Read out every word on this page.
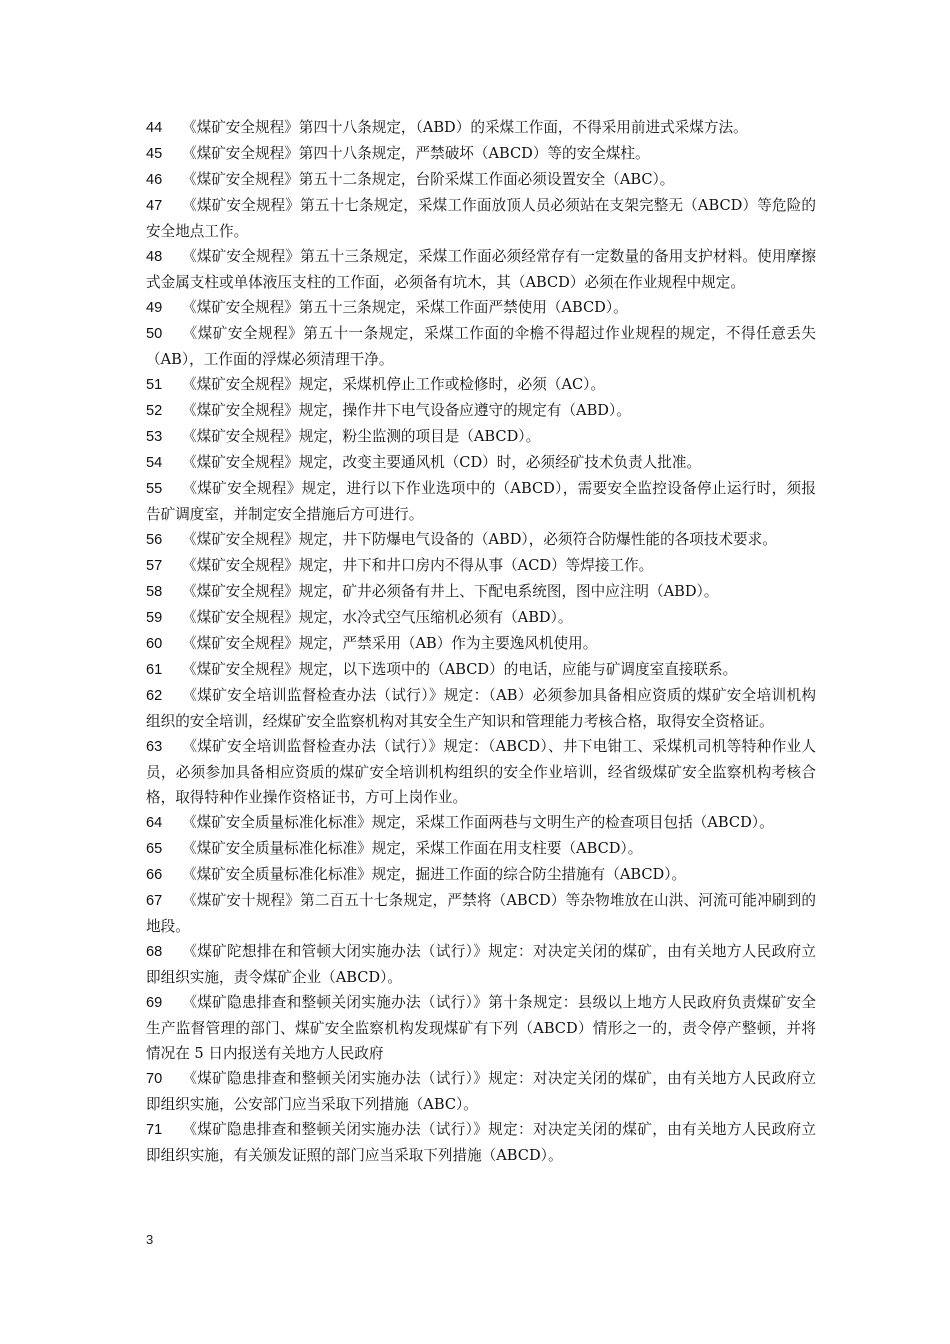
44 《煤矿安全规程》第四十八条规定，（ABD）的采煤工作面，不得采用前进式采煤方法。

45 《煤矿安全规程》第四十八条规定，严禁破坏（ABCD）等的安全煤柱。

46 《煤矿安全规程》第五十二条规定，台阶采煤工作面必须设置安全（ABC）。

47 《煤矿安全规程》第五十七条规定，采煤工作面放顶人员必须站在支架完整无（ABCD）等危险的安全地点工作。

48 《煤矿安全规程》第五十三条规定，采煤工作面必须经常存有一定数量的备用支护材料。使用摩擦式金属支柱或单体液压支柱的工作面，必须备有坑木，其（ABCD）必须在作业规程中规定。

49 《煤矿安全规程》第五十三条规定，采煤工作面严禁使用（ABCD）。

50 《煤矿安全规程》第五十一条规定，采煤工作面的伞檐不得超过作业规程的规定，不得任意丢失（AB），工作面的浮煤必须清理干净。

51 《煤矿安全规程》规定，采煤机停止工作或检修时，必须（AC）。

52 《煤矿安全规程》规定，操作井下电气设备应遵守的规定有（ABD）。

53 《煤矿安全规程》规定，粉尘监测的项目是（ABCD）。

54 《煤矿安全规程》规定，改变主要通风机（CD）时，必须经矿技术负责人批准。

55 《煤矿安全规程》规定，进行以下作业选项中的（ABCD），需要安全监控设备停止运行时，须报告矿调度室，并制定安全措施后方可进行。

56 《煤矿安全规程》规定，井下防爆电气设备的（ABD），必须符合防爆性能的各项技术要求。

57 《煤矿安全规程》规定，井下和井口房内不得从事（ACD）等焊接工作。

58 《煤矿安全规程》规定，矿井必须备有井上、下配电系统图，图中应注明（ABD）。

59 《煤矿安全规程》规定，水冷式空气压缩机必须有（ABD）。

60 《煤矿安全规程》规定，严禁采用（AB）作为主要逸风机使用。

61 《煤矿安全规程》规定，以下选项中的（ABCD）的电话，应能与矿调度室直接联系。

62 《煤矿安全培训监督检查办法（试行）》规定：（AB）必须参加具备相应资质的煤矿安全培训机构组织的安全培训，经煤矿安全监察机构对其安全生产知识和管理能力考核合格，取得安全资格证。

63 《煤矿安全培训监督检查办法（试行）》规定：（ABCD）、井下电钳工、采煤机司机等特种作业人员，必须参加具备相应资质的煤矿安全培训机构组织的安全作业培训，经省级煤矿安全监察机构考核合格，取得特种作业操作资格证书，方可上岗作业。

64 《煤矿安全质量标准化标准》规定，采煤工作面两巷与文明生产的检查项目包括（ABCD）。

65 《煤矿安全质量标准化标准》规定，采煤工作面在用支柱要（ABCD）。

66 《煤矿安全质量标准化标准》规定，掘进工作面的综合防尘措施有（ABCD）。

67 《煤矿安十规程》第二百五十七条规定，严禁将（ABCD）等杂物堆放在山洪、河流可能冲刷到的地段。

68 《煤矿陀想排在和管顿大闭实施办法（试行）》规定：对决定关闭的煤矿，由有关地方人民政府立即组织实施，责令煤矿企业（ABCD）。

69 《煤矿隐患排查和整顿关闭实施办法（试行）》第十条规定：县级以上地方人民政府负责煤矿安全生产监督管理的部门、煤矿安全监察机构发现煤矿有下列（ABCD）情形之一的，责令停产整顿，并将情况在 5 日内报送有关地方人民政府

70 《煤矿隐患排查和整顿关闭实施办法（试行）》规定：对决定关闭的煤矿，由有关地方人民政府立即组织实施，公安部门应当采取下列措施（ABC）。

71 《煤矿隐患排查和整顿关闭实施办法（试行）》规定：对决定关闭的煤矿，由有关地方人民政府立即组织实施，有关颁发证照的部门应当采取下列措施（ABCD）。

3
